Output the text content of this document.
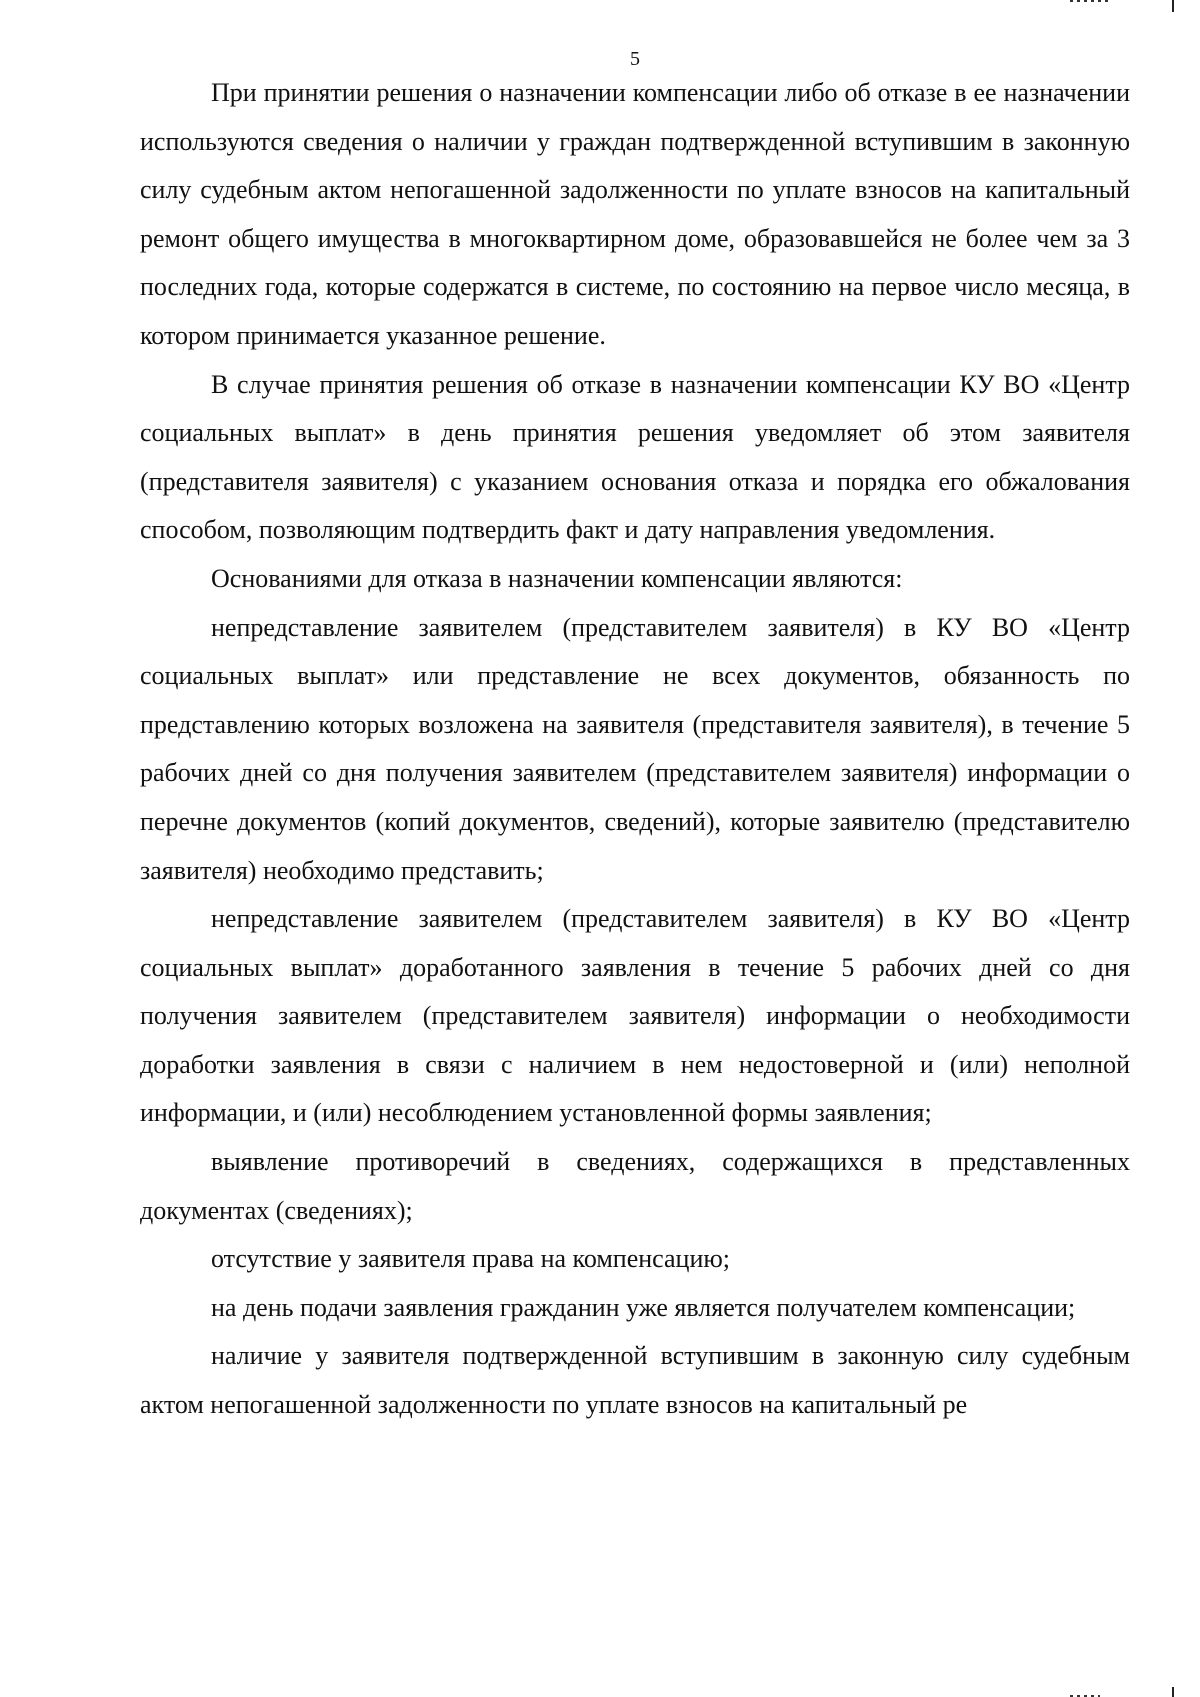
5

При принятии решения о назначении компенсации либо об отказе в ее назначении используются сведения о наличии у граждан подтвержденной вступившим в законную силу судебным актом непогашенной задолженности по уплате взносов на капитальный ремонт общего имущества в многоквартирном доме, образовавшейся не более чем за 3 последних года, которые содержатся в системе, по состоянию на первое число месяца, в котором принимается указанное решение.

В случае принятия решения об отказе в назначении компенсации КУ ВО «Центр социальных выплат» в день принятия решения уведомляет об этом заявителя (представителя заявителя) с указанием основания отказа и порядка его обжалования способом, позволяющим подтвердить факт и дату направления уведомления.

Основаниями для отказа в назначении компенсации являются:

непредставление заявителем (представителем заявителя) в КУ ВО «Центр социальных выплат» или представление не всех документов, обязанность по представлению которых возложена на заявителя (представителя заявителя), в течение 5 рабочих дней со дня получения заявителем (представителем заявителя) информации о перечне документов (копий документов, сведений), которые заявителю (представителю заявителя) необходимо представить;

непредставление заявителем (представителем заявителя) в КУ ВО «Центр социальных выплат» доработанного заявления в течение 5 рабочих дней со дня получения заявителем (представителем заявителя) информации о необходимости доработки заявления в связи с наличием в нем недостоверной и (или) неполной информации, и (или) несоблюдением установленной формы заявления;

выявление противоречий в сведениях, содержащихся в представленных документах (сведениях);

отсутствие у заявителя права на компенсацию;

на день подачи заявления гражданин уже является получателем компенсации;

наличие у заявителя подтвержденной вступившим в законную силу судебным актом непогашенной задолженности по уплате взносов на капитальный ре
